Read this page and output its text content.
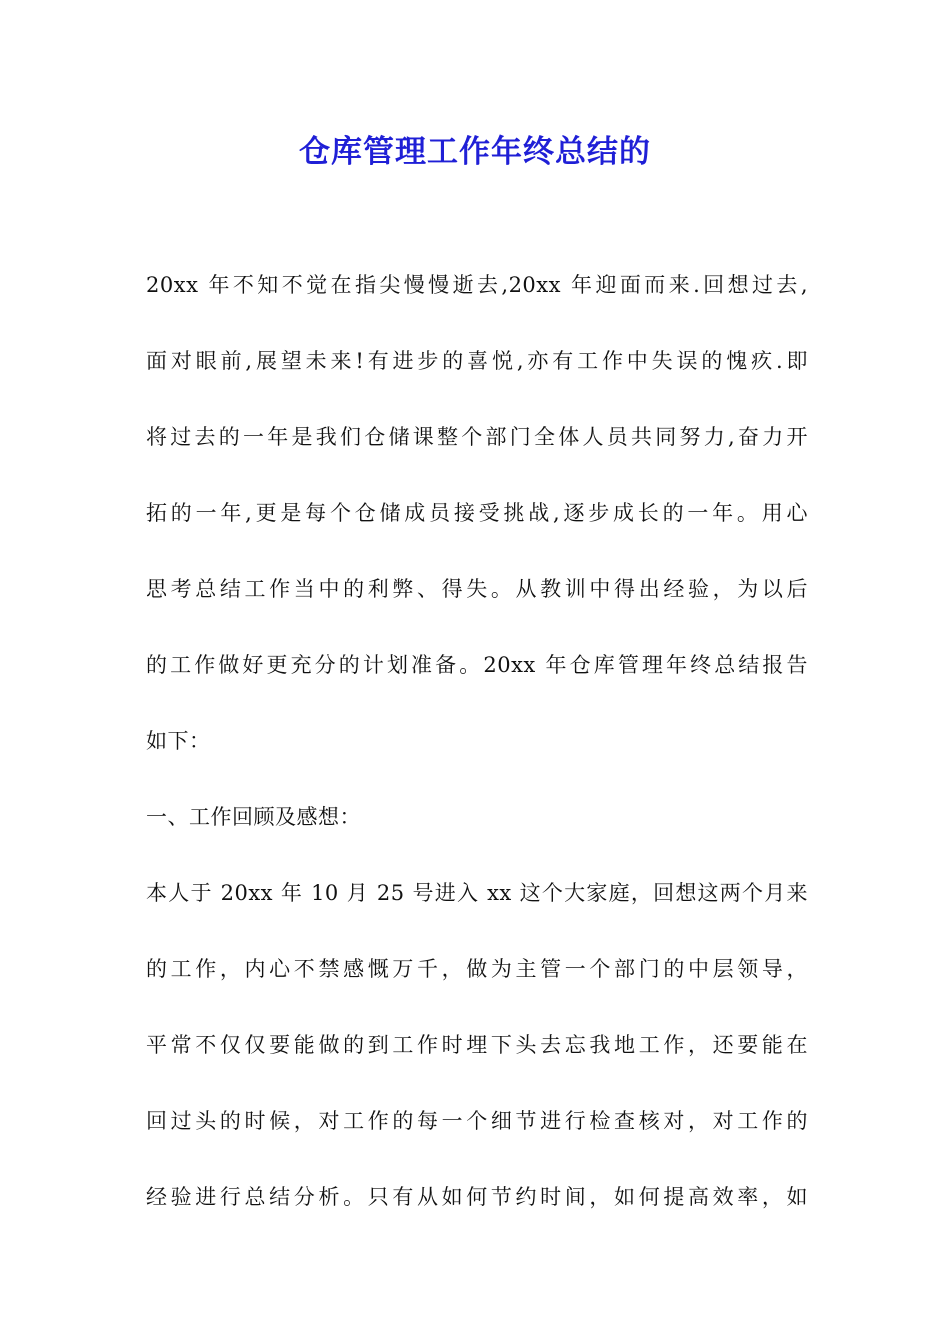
仓库管理工作年终总结的
20xx 年不知不觉在指尖慢慢逝去,20xx 年迎面而来.回想过去,
面对眼前,展望未来!有进步的喜悦,亦有工作中失误的愧疚.即
将过去的一年是我们仓储课整个部门全体人员共同努力,奋力开
拓的一年,更是每个仓储成员接受挑战,逐步成长的一年。用心
思考总结工作当中的利弊、得失。从教训中得出经验，为以后
的工作做好更充分的计划准备。20xx 年仓库管理年终总结报告
如下：
一、工作回顾及感想：
本人于 20xx 年 10 月 25 号进入 xx 这个大家庭，回想这两个月来
的工作，内心不禁感慨万千，做为主管一个部门的中层领导，
平常不仅仅要能做的到工作时埋下头去忘我地工作，还要能在
回过头的时候，对工作的每一个细节进行检查核对，对工作的
经验进行总结分析。只有从如何节约时间，如何提高效率，如
